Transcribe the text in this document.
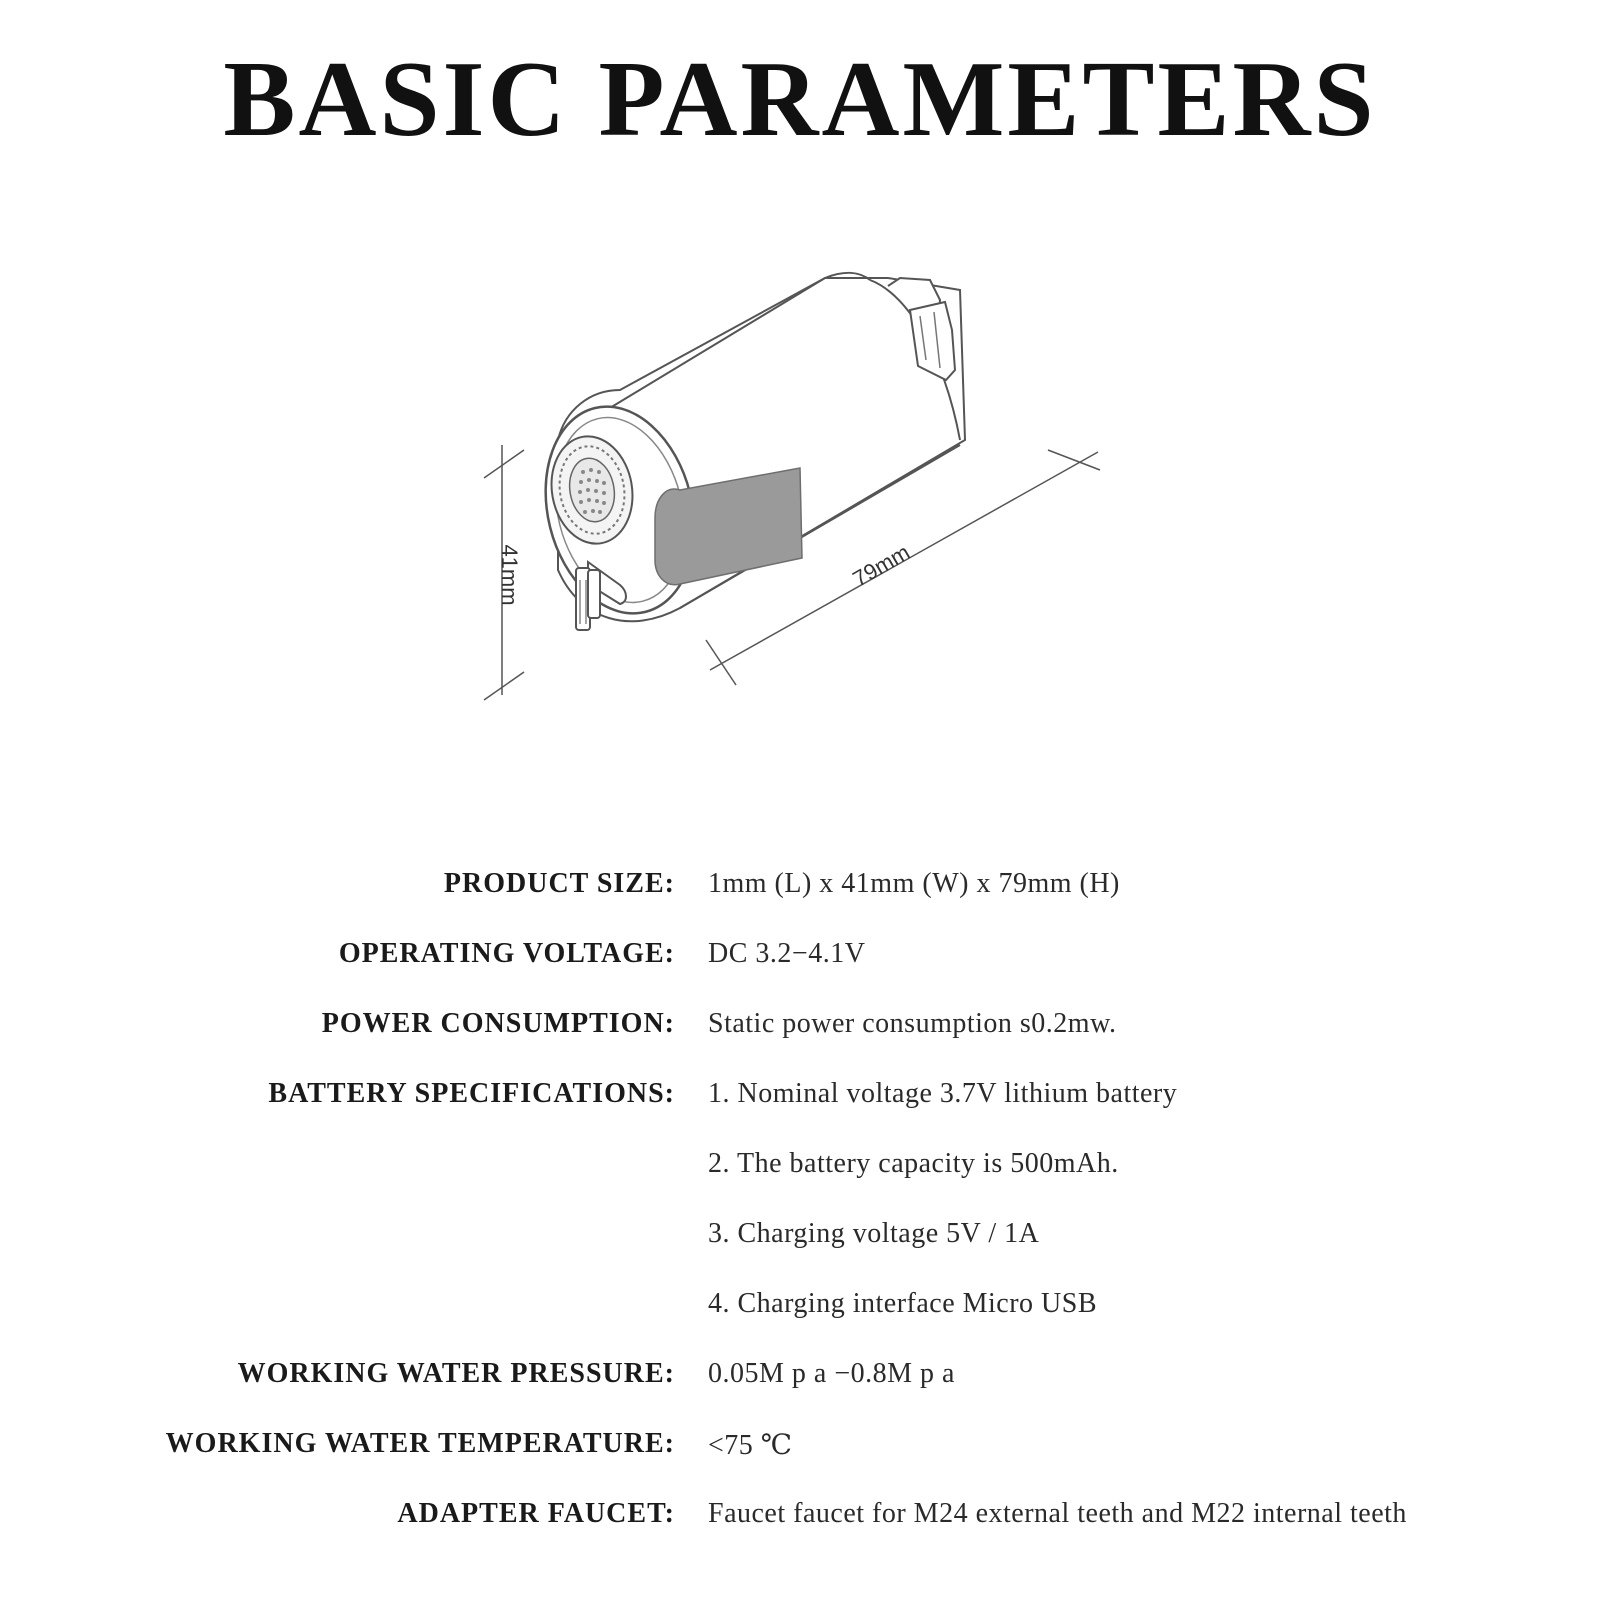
BASIC PARAMETERS
41mm	79mm
PRODUCT SIZE: 1mm (L) x 41mm (W) x 79mm (H)
OPERATING VOLTAGE: DC 3.2−4.1V
POWER CONSUMPTION: Static power consumption s0.2mw.
BATTERY SPECIFICATIONS: 1. Nominal voltage 3.7V lithium battery
2. The battery capacity is 500mAh.
3. Charging voltage 5V / 1A
4. Charging interface Micro USB
WORKING WATER PRESSURE: 0.05M p a −0.8M p a
WORKING WATER TEMPERATURE: <75 ℃
ADAPTER FAUCET: Faucet faucet for M24 external teeth and M22 internal teeth
